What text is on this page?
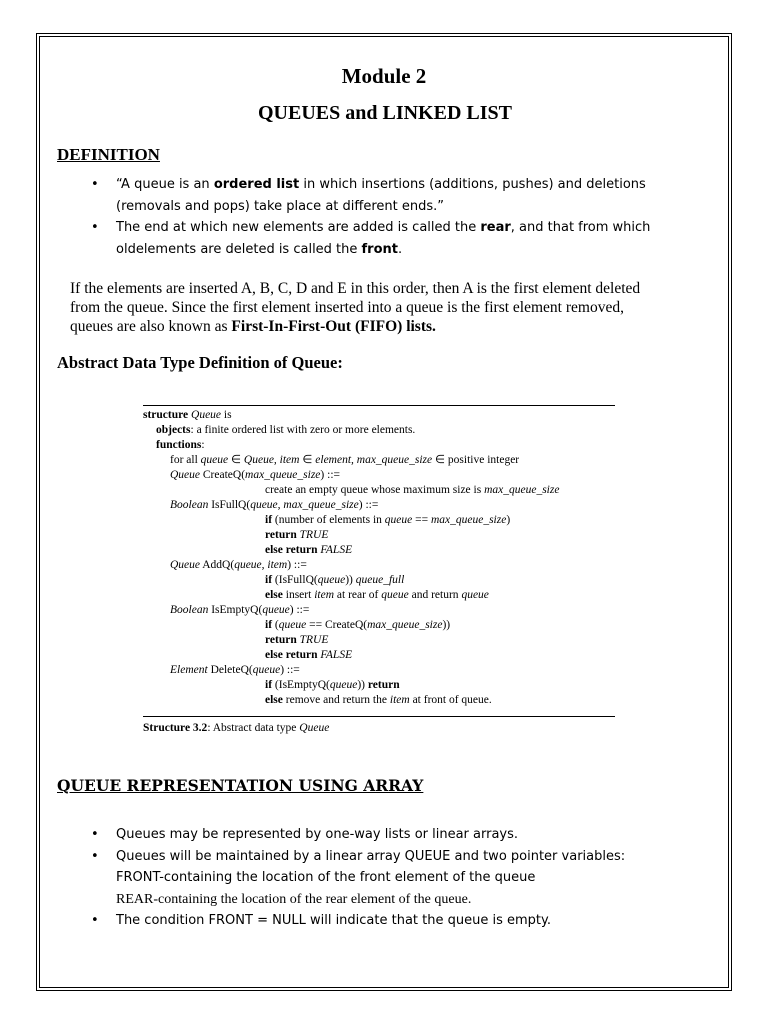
Module 2
QUEUES and LINKED LIST
DEFINITION
• “A queue is an ordered list in which insertions (additions, pushes) and deletions
(removals and pops) take place at different ends.”
• The end at which new elements are added is called the rear, and that from which
oldelements are deleted is called the front.
If the elements are inserted A, B, C, D and E in this order, then A is the first element deleted
from the queue. Since the first element inserted into a queue is the first element removed,
queues are also known as First-In-First-Out (FIFO) lists.
Abstract Data Type Definition of Queue:
structure Queue is
objects: a finite ordered list with zero or more elements.
functions:
for all queue ∈ Queue, item ∈ element, max_queue_size ∈ positive integer
Queue CreateQ(max_queue_size) ::=
create an empty queue whose maximum size is max_queue_size
Boolean IsFullQ(queue, max_queue_size) ::=
if (number of elements in queue == max_queue_size)
return TRUE
else return FALSE
Queue AddQ(queue, item) ::=
if (IsFullQ(queue)) queue_full
else insert item at rear of queue and return queue
Boolean IsEmptyQ(queue) ::=
if (queue == CreateQ(max_queue_size))
return TRUE
else return FALSE
Element DeleteQ(queue) ::=
if (IsEmptyQ(queue)) return
else remove and return the item at front of queue.
Structure 3.2: Abstract data type Queue
QUEUE REPRESENTATION USING ARRAY
• Queues may be represented by one-way lists or linear arrays.
• Queues will be maintained by a linear array QUEUE and two pointer variables:
FRONT-containing the location of the front element of the queue
REAR-containing the location of the rear element of the queue.
• The condition FRONT = NULL will indicate that the queue is empty.
